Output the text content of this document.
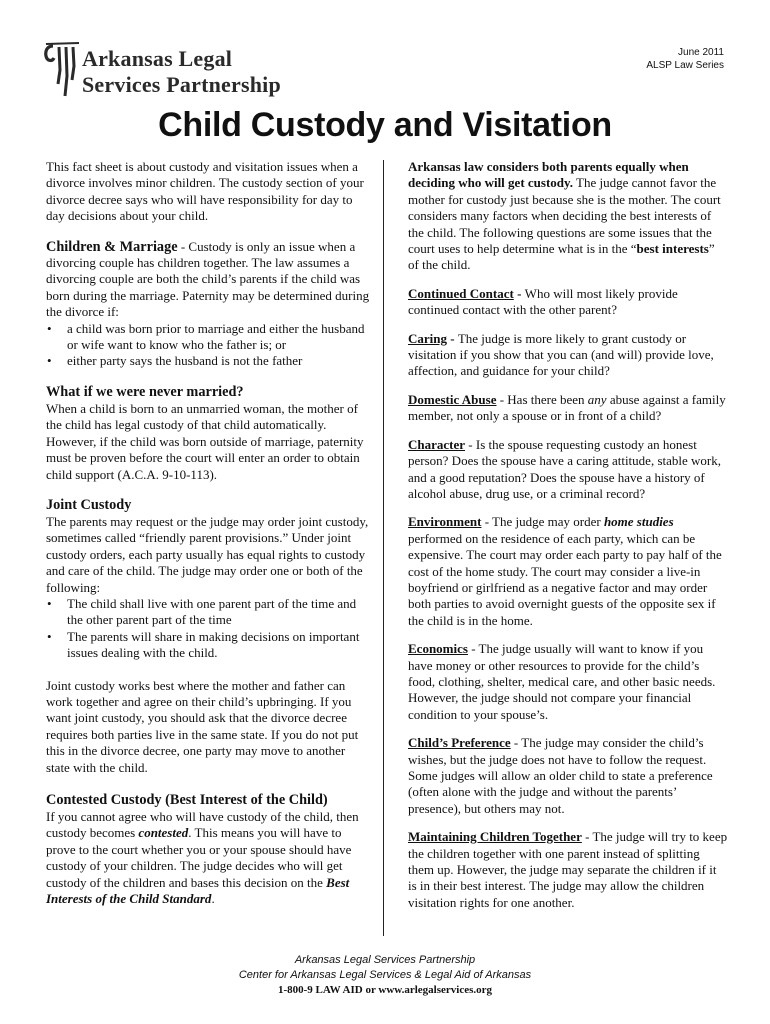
Arkansas Legal
Services Partnership
June 2011
ALSP Law Series
Child Custody and Visitation

This fact sheet is about custody and visitation issues when a divorce involves minor children. The custody section of your divorce decree says who will have responsibility for day to day decisions about your child.

Children & Marriage - Custody is only an issue when a divorcing couple has children together. The law assumes a divorcing couple are both the child’s parents if the child was born during the marriage. Paternity may be determined during the divorce if:

• a child was born prior to marriage and either the husband or wife want to know who the father is; or
• either party says the husband is not the father
What if we were never married?

When a child is born to an unmarried woman, the mother of the child has legal custody of that child automatically. However, if the child was born outside of marriage, paternity must be proven before the court will enter an order to obtain child support (A.C.A. 9-10-113).

Joint Custody

The parents may request or the judge may order joint custody, sometimes called “friendly parent provisions.” Under joint custody orders, each party usually has equal rights to custody and care of the child. The judge may order one or both of the following:

• The child shall live with one parent part of the time and the other parent part of the time
• The parents will share in making decisions on important issues dealing with the child.

Joint custody works best where the mother and father can work together and agree on their child’s upbringing. If you want joint custody, you should ask that the divorce decree requires both parties live in the same state. If you do not put this in the divorce decree, one party may move to another state with the child.

Contested Custody (Best Interest of the Child)

If you cannot agree who will have custody of the child, then custody becomes contested. This means you will have to prove to the court whether you or your spouse should have custody of your children. The judge decides who will get custody of the children and bases this decision on the Best Interests of the Child Standard.

Arkansas law considers both parents equally when deciding who will get custody. The judge cannot favor the mother for custody just because she is the mother. The court considers many factors when deciding the best interests of the child. The following questions are some issues that the court uses to help determine what is in the “best interests” of the child.

Continued Contact - Who will most likely provide continued contact with the other parent?

Caring - The judge is more likely to grant custody or visitation if you show that you can (and will) provide love, affection, and guidance for your child?

Domestic Abuse - Has there been any abuse against a family member, not only a spouse or in front of a child?

Character - Is the spouse requesting custody an honest person? Does the spouse have a caring attitude, stable work, and a good reputation? Does the spouse have a history of alcohol abuse, drug use, or a criminal record?

Environment - The judge may order home studies performed on the residence of each party, which can be expensive. The court may order each party to pay half of the cost of the home study. The court may consider a live-in boyfriend or girlfriend as a negative factor and may order both parties to avoid overnight guests of the opposite sex if the child is in the home.

Economics - The judge usually will want to know if you have money or other resources to provide for the child’s food, clothing, shelter, medical care, and other basic needs. However, the judge should not compare your financial condition to your spouse’s.

Child’s Preference - The judge may consider the child’s wishes, but the judge does not have to follow the request. Some judges will allow an older child to state a preference (often alone with the judge and without the parents’ presence), but others may not.

Maintaining Children Together - The judge will try to keep the children together with one parent instead of splitting them up. However, the judge may separate the children if it is in their best interest. The judge may allow the children visitation rights for one another.

Arkansas Legal Services Partnership
Center for Arkansas Legal Services & Legal Aid of Arkansas
1-800-9 LAW AID or www.arlegalservices.org
